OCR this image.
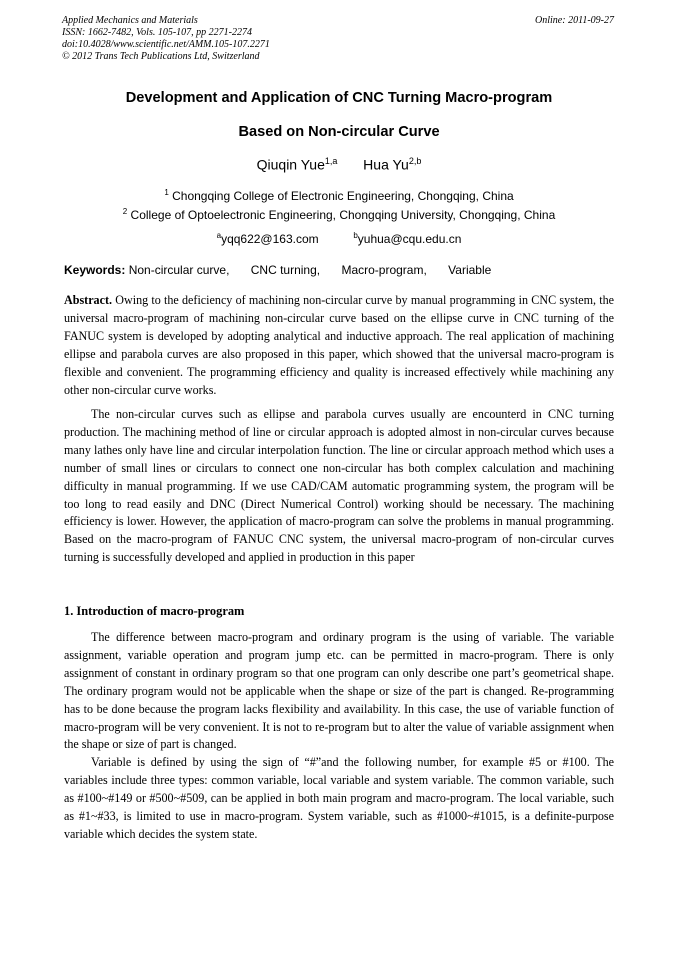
Applied Mechanics and Materials
ISSN: 1662-7482, Vols. 105-107, pp 2271-2274
doi:10.4028/www.scientific.net/AMM.105-107.2271
© 2012 Trans Tech Publications Ltd, Switzerland
Online: 2011-09-27
Development and Application of CNC Turning Macro-program
Based on Non-circular Curve
Qiuqin Yue$^{1,a}$ Hua Yu$^{2,b}$
$^1$ Chongqing College of Electronic Engineering, Chongqing, China
$^2$ College of Optoelectronic Engineering, Chongqing University, Chongqing, China
$^a$yqq622@163.com	$^b$yuhua@cqu.edu.cn
Keywords: Non-circular curve, CNC turning, Macro-program, Variable

Abstract. Owing to the deficiency of machining non-circular curve by manual programming in CNC system, the universal macro-program of machining non-circular curve based on the ellipse curve in CNC turning of the FANUC system is developed by adopting analytical and inductive approach. The real application of machining ellipse and parabola curves are also proposed in this paper, which showed that the universal macro-program is flexible and convenient. The programming efficiency and quality is increased effectively while machining any other non-circular curve works.

The non-circular curves such as ellipse and parabola curves usually are encounterd in CNC turning production. The machining method of line or circular approach is adopted almost in non-circular curves because many lathes only have line and circular interpolation function. The line or circular approach method which uses a number of small lines or circulars to connect one non-circular has both complex calculation and machining difficulty in manual programming. If we use CAD/CAM automatic programming system, the program will be too long to read easily and DNC (Direct Numerical Control) working should be necessary. The machining efficiency is lower. However, the application of macro-program can solve the problems in manual programming. Based on the macro-program of FANUC CNC system, the universal macro-program of non-circular curves turning is successfully developed and applied in production in this paper

1. Introduction of macro-program

The difference between macro-program and ordinary program is the using of variable. The variable assignment, variable operation and program jump etc. can be permitted in macro-program. There is only assignment of constant in ordinary program so that one program can only describe one part’s geometrical shape. The ordinary program would not be applicable when the shape or size of the part is changed. Re-programming has to be done because the program lacks flexibility and availability. In this case, the use of variable function of macro-program will be very convenient. It is not to re-program but to alter the value of variable assignment when the shape or size of part is changed.

Variable is defined by using the sign of “#”and the following number, for example #5 or #100. The variables include three types: common variable, local variable and system variable. The common variable, such as #100~#149 or #500~#509, can be applied in both main program and macro-program. The local variable, such as #1~#33, is limited to use in macro-program. System variable, such as #1000~#1015, is a definite-purpose variable which decides the system state.
